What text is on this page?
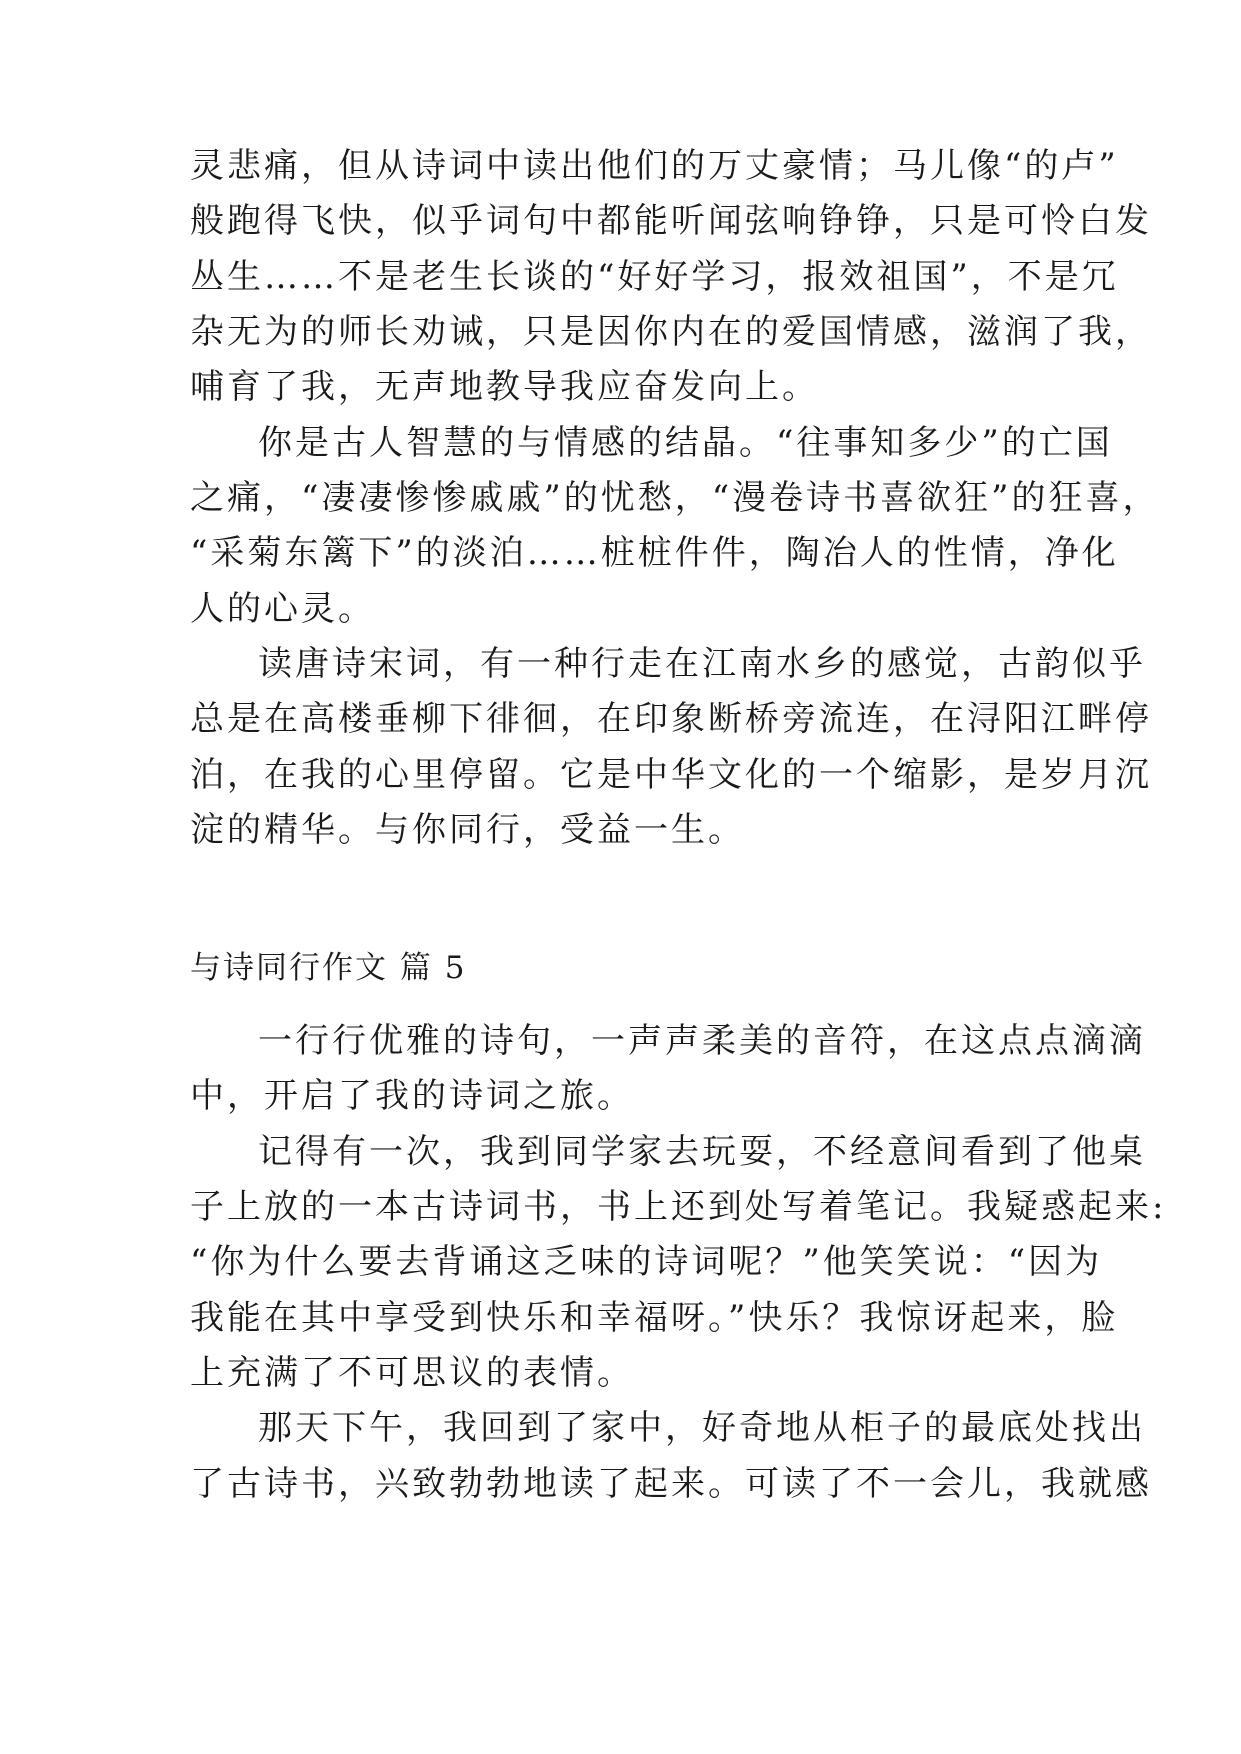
灵悲痛，但从诗词中读出他们的万丈豪情；马儿像“的卢”
般跑得飞快，似乎词句中都能听闻弦响铮铮，只是可怜白发
丛生……不是老生长谈的“好好学习，报效祖国”，不是冗
杂无为的师长劝诫，只是因你内在的爱国情感，滋润了我，
哺育了我，无声地教导我应奋发向上。
你是古人智慧的与情感的结晶。“往事知多少”的亡国
之痛，“凄凄惨惨戚戚”的忧愁，“漫卷诗书喜欲狂”的狂喜，
“采菊东篱下”的淡泊……桩桩件件，陶冶人的性情，净化
人的心灵。
读唐诗宋词，有一种行走在江南水乡的感觉，古韵似乎
总是在高楼垂柳下徘徊，在印象断桥旁流连，在浔阳江畔停
泊，在我的心里停留。它是中华文化的一个缩影，是岁月沉
淀的精华。与你同行，受益一生。
与诗同行作文 篇 5
一行行优雅的诗句，一声声柔美的音符，在这点点滴滴
中，开启了我的诗词之旅。
记得有一次，我到同学家去玩耍，不经意间看到了他桌
子上放的一本古诗词书，书上还到处写着笔记。我疑惑起来:
“你为什么要去背诵这乏味的诗词呢？”他笑笑说：“因为
我能在其中享受到快乐和幸福呀。”快乐？我惊讶起来，脸
上充满了不可思议的表情。
那天下午，我回到了家中，好奇地从柜子的最底处找出
了古诗书，兴致勃勃地读了起来。可读了不一会儿，我就感
